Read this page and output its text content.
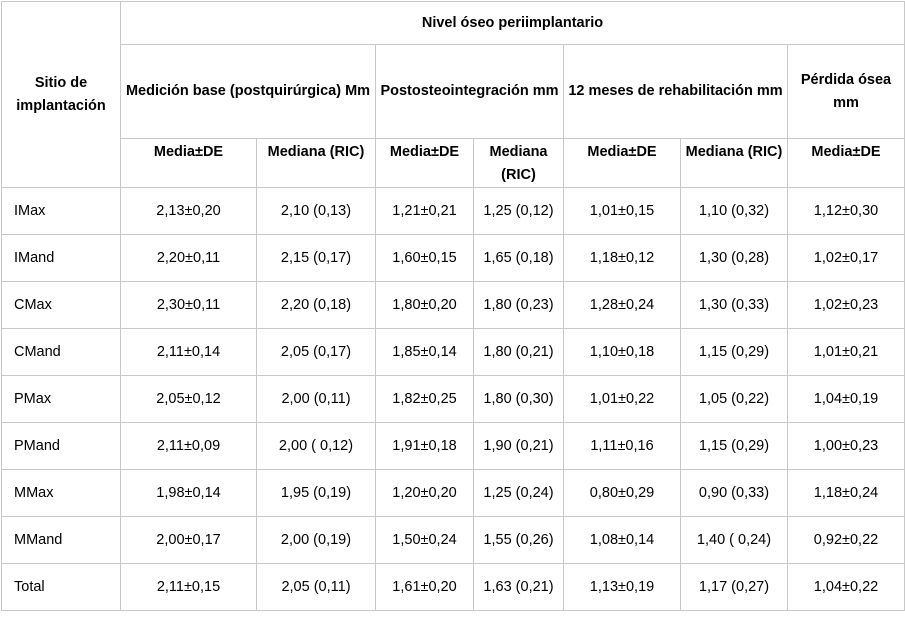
Sitio de implantación	Nivel óseo periimplantario						
	Medición base (postquirúrgica) Mm		Postosteointegración mm		12 meses de rehabilitación mm		Pérdida ósea mm
	Media±DE	Mediana (RIC)	Media±DE	Mediana (RIC)	Media±DE	Mediana (RIC)	Media±DE
IMax	2,13±0,20	2,10 (0,13)	1,21±0,21	1,25 (0,12)	1,01±0,15	1,10 (0,32)	1,12±0,30
IMand	2,20±0,11	2,15 (0,17)	1,60±0,15	1,65 (0,18)	1,18±0,12	1,30 (0,28)	1,02±0,17
CMax	2,30±0,11	2,20 (0,18)	1,80±0,20	1,80 (0,23)	1,28±0,24	1,30 (0,33)	1,02±0,23
CMand	2,11±0,14	2,05 (0,17)	1,85±0,14	1,80 (0,21)	1,10±0,18	1,15 (0,29)	1,01±0,21
PMax	2,05±0,12	2,00 (0,11)	1,82±0,25	1,80 (0,30)	1,01±0,22	1,05 (0,22)	1,04±0,19
PMand	2,11±0,09	2,00 ( 0,12)	1,91±0,18	1,90 (0,21)	1,11±0,16	1,15 (0,29)	1,00±0,23
MMax	1,98±0,14	1,95 (0,19)	1,20±0,20	1,25 (0,24)	0,80±0,29	0,90 (0,33)	1,18±0,24
MMand	2,00±0,17	2,00 (0,19)	1,50±0,24	1,55 (0,26)	1,08±0,14	1,40 ( 0,24)	0,92±0,22
Total	2,11±0,15	2,05 (0,11)	1,61±0,20	1,63 (0,21)	1,13±0,19	1,17 (0,27)	1,04±0,22
